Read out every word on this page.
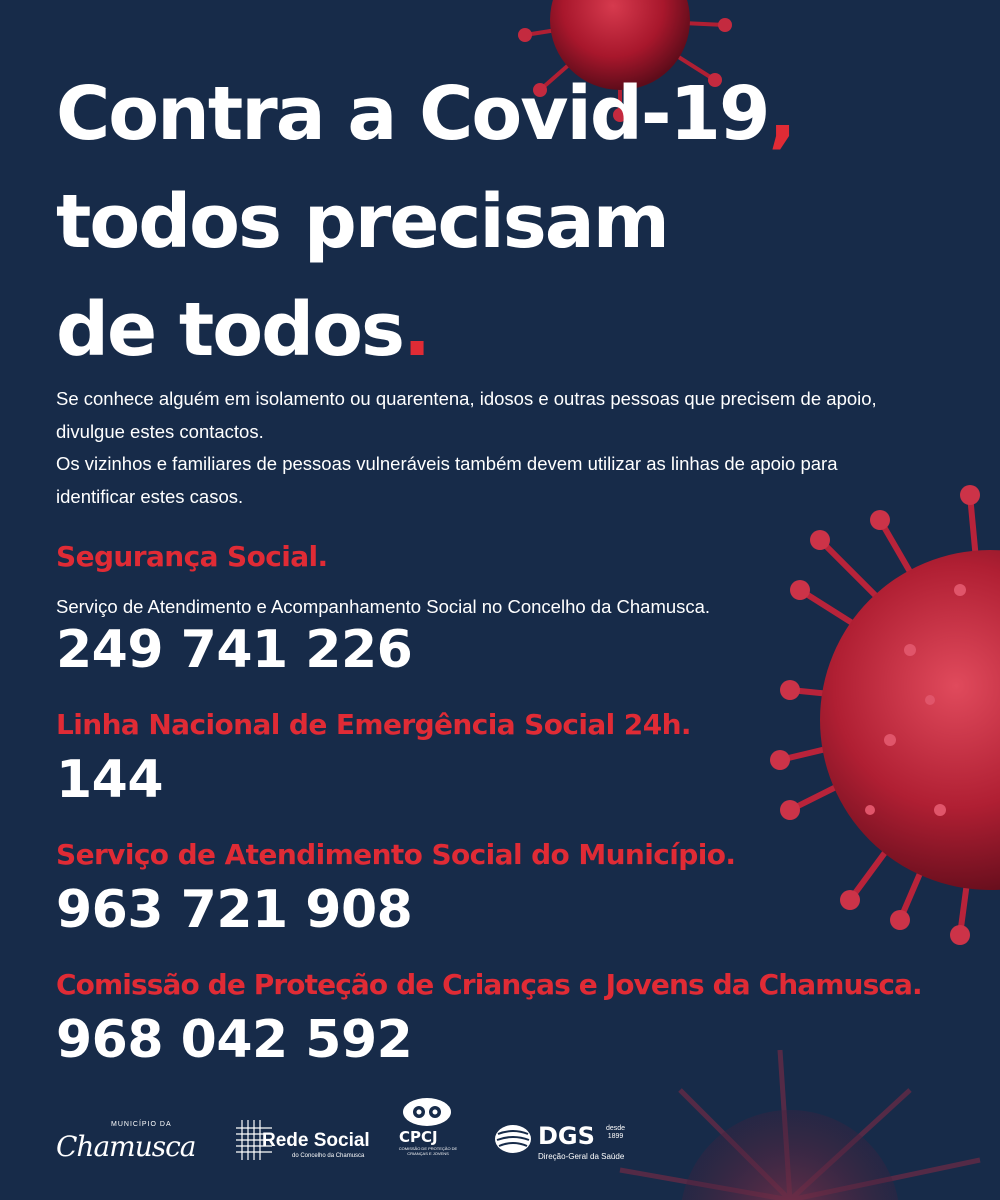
Contra a Covid-19,
todos precisam
de todos.

Se conhece alguém em isolamento ou quarentena, idosos e outras pessoas que precisem de apoio, divulgue estes contactos.

Os vizinhos e familiares de pessoas vulneráveis também devem utilizar as linhas de apoio para identificar estes casos.

Segurança Social.
Serviço de Atendimento e Acompanhamento Social no Concelho da Chamusca.
249 741 226
Linha Nacional de Emergência Social 24h.
144
Serviço de Atendimento Social do Município.
963 721 908
Comissão de Proteção de Crianças e Jovens da Chamusca.
968 042 592
MUNICÍPIO DA
Chamusca	Rede Social
do Concelho da Chamusca
CPCJ
COMISSÃO DE PROTEÇÃO DE CRIANÇAS E JOVENS
DGS desde
1899
Direção-Geral da Saúde
